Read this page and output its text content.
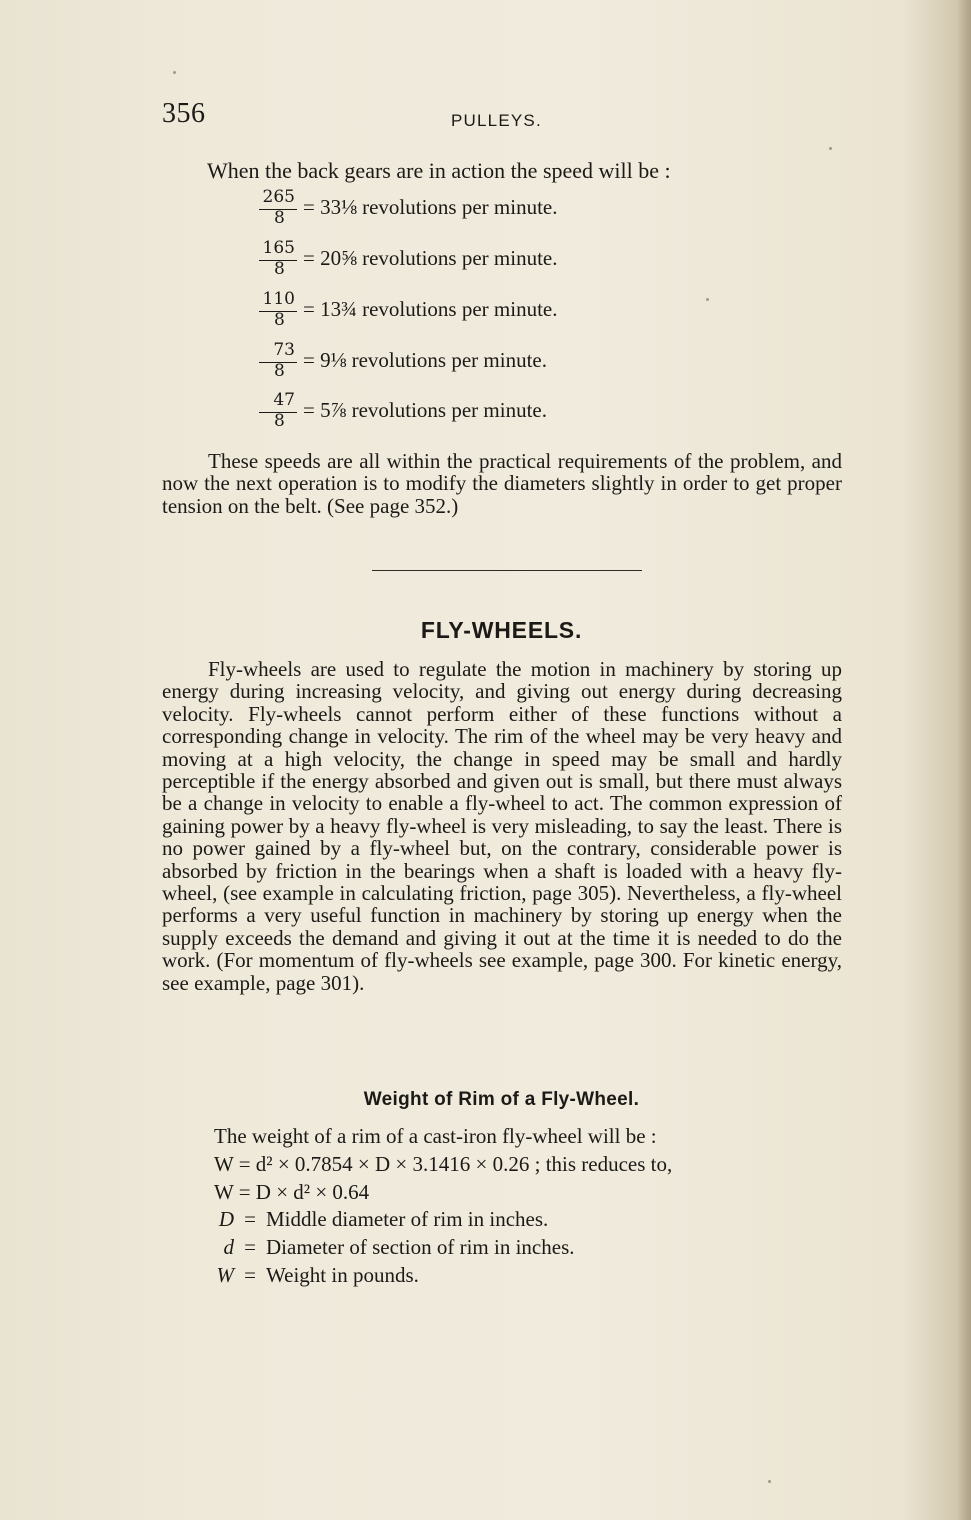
356	PULLEYS.
When the back gears are in action the speed will be :
265
8 = 33⅛ revolutions per minute.
165
8 = 20⅝ revolutions per minute.
110
8 = 13¾ revolutions per minute.
73
8 = 9⅛ revolutions per minute.
47
8 = 5⅞ revolutions per minute.

These speeds are all within the practical requirements of the problem, and now the next operation is to modify the diameters slightly in order to get proper tension on the belt. (See page 352.)

FLY-WHEELS.

Fly-wheels are used to regulate the motion in machinery by storing up energy during increasing velocity, and giving out energy during decreasing velocity. Fly-wheels cannot perform either of these functions without a corresponding change in velocity. The rim of the wheel may be very heavy and moving at a high velocity, the change in speed may be small and hardly perceptible if the energy absorbed and given out is small, but there must always be a change in velocity to enable a fly-wheel to act. The common expression of gaining power by a heavy fly-wheel is very misleading, to say the least. There is no power gained by a fly-wheel but, on the contrary, considerable power is absorbed by friction in the bearings when a shaft is loaded with a heavy fly-wheel, (see example in calculating friction, page 305). Nevertheless, a fly-wheel performs a very useful function in machinery by storing up energy when the supply exceeds the demand and giving it out at the time it is needed to do the work. (For momentum of fly-wheels see example, page 300. For kinetic energy, see example, page 301).

Weight of Rim of a Fly-Wheel.
The weight of a rim of a cast-iron fly-wheel will be :
W = d² × 0.7854 × D × 3.1416 × 0.26 ; this reduces to,
W = D × d² × 0.64
D = Middle diameter of rim in inches.
d = Diameter of section of rim in inches.
W = Weight in pounds.
